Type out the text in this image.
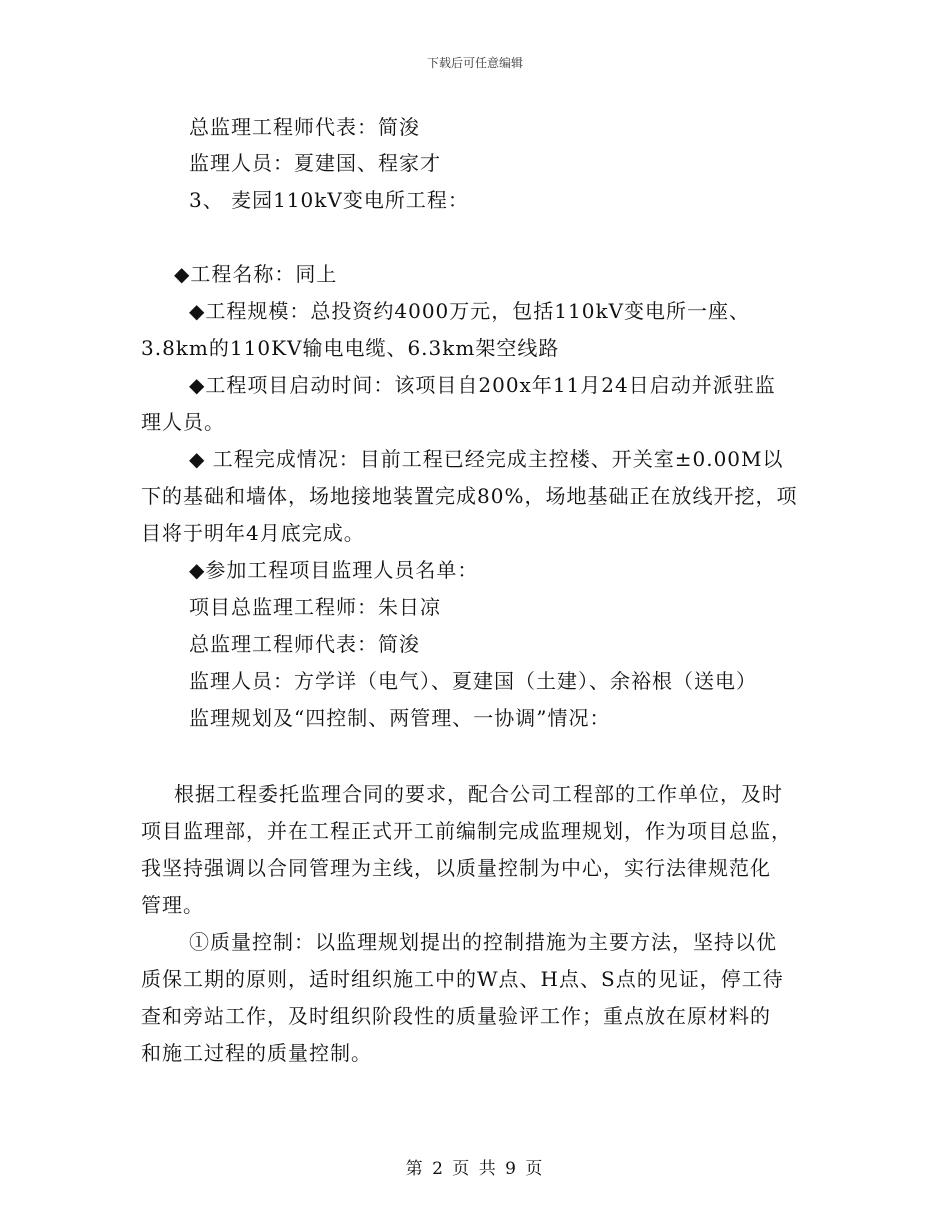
下载后可任意编辑
总监理工程师代表：简浚
监理人员：夏建国、程家才
3、 麦园110kV变电所工程：
◆工程名称：同上
◆工程规模：总投资约4000万元，包括110kV变电所一座、
3.8km的110KV输电电缆、6.3km架空线路
◆工程项目启动时间：该项目自200x年11月24日启动并派驻监
理人员。
◆ 工程完成情况：目前工程已经完成主控楼、开关室±0.00M以
下的基础和墙体，场地接地装置完成80%，场地基础正在放线开挖，项
目将于明年4月底完成。
◆参加工程项目监理人员名单：
项目总监理工程师：朱日凉
总监理工程师代表：简浚
监理人员：方学详（电气）、夏建国（土建）、余裕根（送电）
监理规划及“四控制、两管理、一协调”情况：
根据工程委托监理合同的要求，配合公司工程部的工作单位，及时
项目监理部，并在工程正式开工前编制完成监理规划，作为项目总监，
我坚持强调以合同管理为主线，以质量控制为中心，实行法律规范化
管理。
①质量控制：以监理规划提出的控制措施为主要方法，坚持以优
质保工期的原则，适时组织施工中的W点、H点、S点的见证，停工待
查和旁站工作，及时组织阶段性的质量验评工作；重点放在原材料的
和施工过程的质量控制。
第 2 页 共 9 页
